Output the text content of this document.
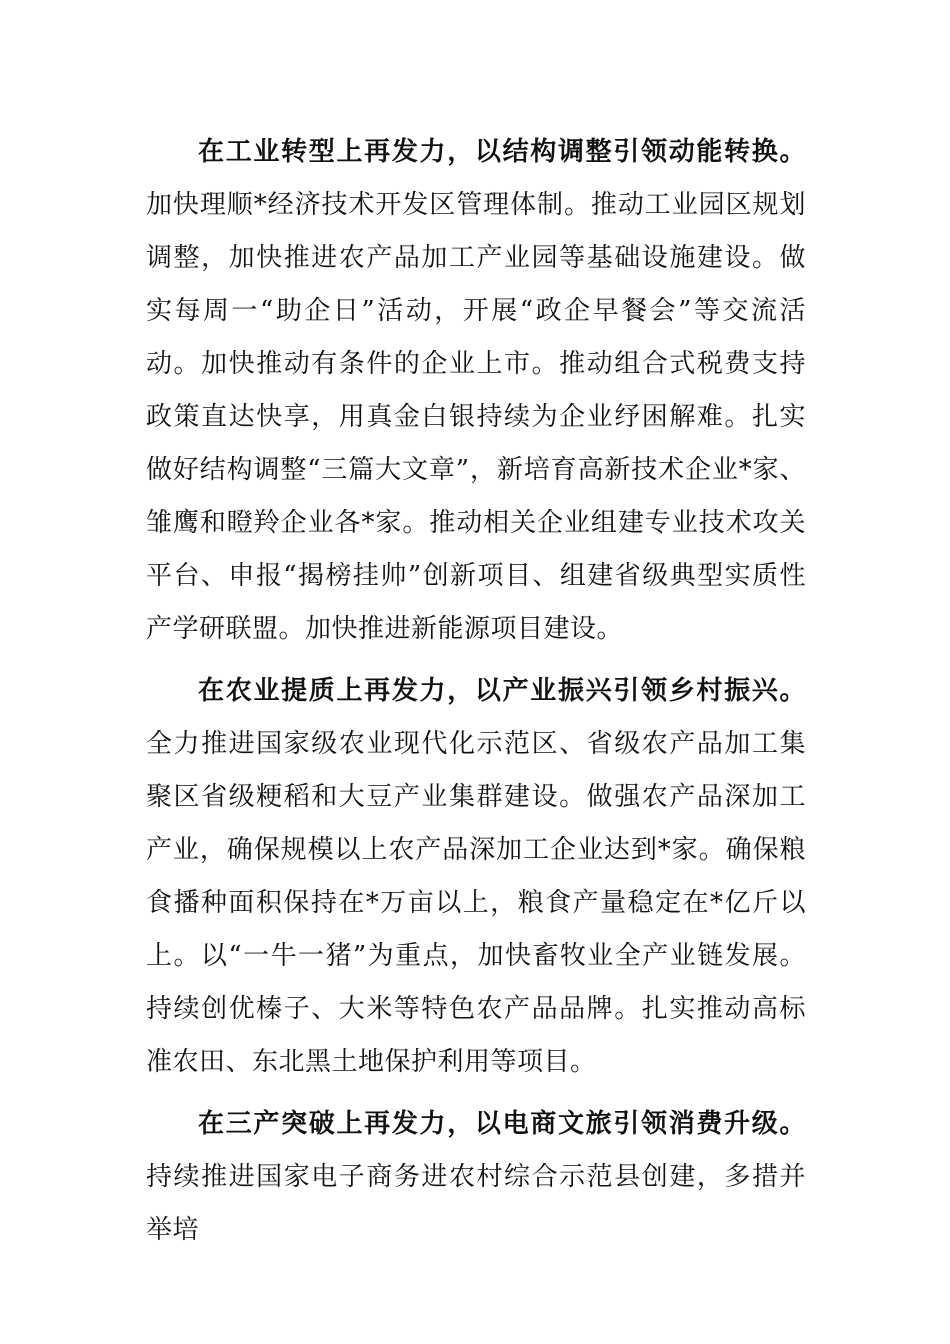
在工业转型上再发力，以结构调整引领动能转换。加快理顺*经济技术开发区管理体制。推动工业园区规划调整，加快推进农产品加工产业园等基础设施建设。做实每周一“助企日”活动，开展“政企早餐会”等交流活动。加快推动有条件的企业上市。推动组合式税费支持政策直达快享，用真金白银持续为企业纾困解难。扎实做好结构调整“三篇大文章”，新培育高新技术企业*家、雏鹰和瞪羚企业各*家。推动相关企业组建专业技术攻关平台、申报“揭榜挂帅”创新项目、组建省级典型实质性产学研联盟。加快推进新能源项目建设。

在农业提质上再发力，以产业振兴引领乡村振兴。全力推进国家级农业现代化示范区、省级农产品加工集聚区省级粳稻和大豆产业集群建设。做强农产品深加工产业，确保规模以上农产品深加工企业达到*家。确保粮食播种面积保持在*万亩以上，粮食产量稳定在*亿斤以上。以“一牛一猪”为重点，加快畜牧业全产业链发展。持续创优榛子、大米等特色农产品品牌。扎实推动高标准农田、东北黑土地保护利用等项目。

在三产突破上再发力，以电商文旅引领消费升级。持续推进国家电子商务进农村综合示范县创建，多措并举培
